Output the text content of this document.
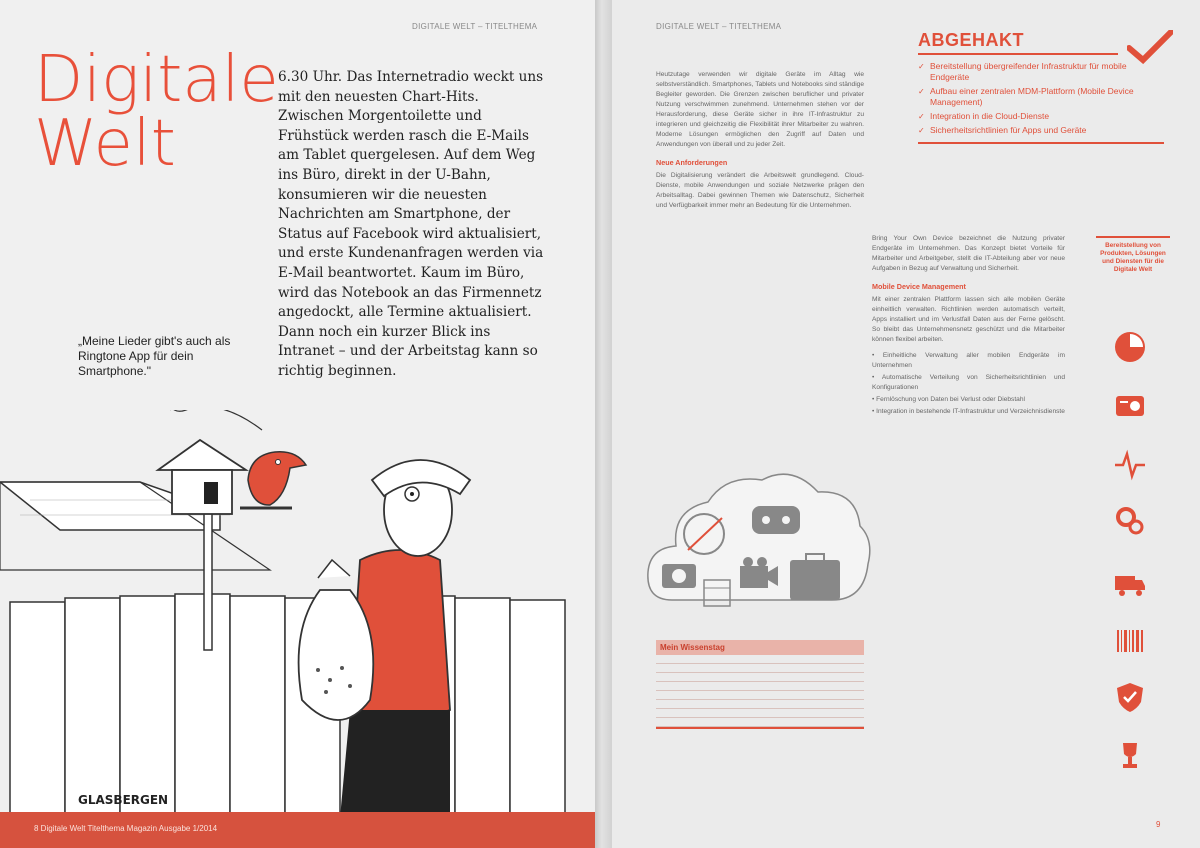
DIGITALE WELT – TITELTHEMA
Digitale
Welt
6.30 Uhr. Das Internetradio weckt uns mit den neuesten Chart-Hits. Zwischen Morgentoilette und Frühstück werden rasch die E-Mails am Tablet quergelesen. Auf dem Weg ins Büro, direkt in der U-Bahn, konsumieren wir die neuesten Nachrichten am Smartphone, der Status auf Facebook wird aktualisiert, und erste Kundenanfragen werden via E-Mail beantwortet. Kaum im Büro, wird das Notebook an das Firmennetz angedockt, alle Termine aktualisiert. Dann noch ein kurzer Blick ins Intranet – und der Arbeitstag kann so richtig beginnen.
„Meine Lieder gibt's auch als Ringtone App für dein Smartphone."
GLASBERGEN
8 Digitale Welt Titelthema Magazin Ausgabe 1/2014
DIGITALE WELT – TITELTHEMA
ABGEHAKT
✓ Bereitstellung übergreifender Infrastruktur für mobile Endgeräte
✓ Aufbau einer zentralen MDM-Plattform (Mobile Device Management)
✓ Integration in die Cloud-Dienste
✓ Sicherheitsrichtlinien für Apps und Geräte

Heutzutage verwenden wir digitale Geräte im Alltag wie selbstverständlich. Smartphones, Tablets und Notebooks sind ständige Begleiter geworden. Die Grenzen zwischen beruflicher und privater Nutzung verschwimmen zunehmend. Unternehmen stehen vor der Herausforderung, diese Geräte sicher in ihre IT-Infrastruktur zu integrieren und gleichzeitig die Flexibilität ihrer Mitarbeiter zu wahren. Moderne Lösungen ermöglichen den Zugriff auf Daten und Anwendungen von überall und zu jeder Zeit.

Neue Anforderungen

Die Digitalisierung verändert die Arbeitswelt grundlegend. Cloud-Dienste, mobile Anwendungen und soziale Netzwerke prägen den Arbeitsalltag. Dabei gewinnen Themen wie Datenschutz, Sicherheit und Verfügbarkeit immer mehr an Bedeutung für die Unternehmen.

Bring Your Own Device bezeichnet die Nutzung privater Endgeräte im Unternehmen. Das Konzept bietet Vorteile für Mitarbeiter und Arbeitgeber, stellt die IT-Abteilung aber vor neue Aufgaben in Bezug auf Verwaltung und Sicherheit.

Mobile Device Management

Mit einer zentralen Plattform lassen sich alle mobilen Geräte einheitlich verwalten. Richtlinien werden automatisch verteilt, Apps installiert und im Verlustfall Daten aus der Ferne gelöscht. So bleibt das Unternehmensnetz geschützt und die Mitarbeiter können flexibel arbeiten.

• Einheitliche Verwaltung aller mobilen Endgeräte im Unternehmen

• Automatische Verteilung von Sicherheitsrichtlinien und Konfigurationen

• Fernlöschung von Daten bei Verlust oder Diebstahl

• Integration in bestehende IT-Infrastruktur und Verzeichnisdienste

Bereitstellung von Produkten, Lösungen und Diensten für die Digitale Welt
Mein Wissenstag
9
